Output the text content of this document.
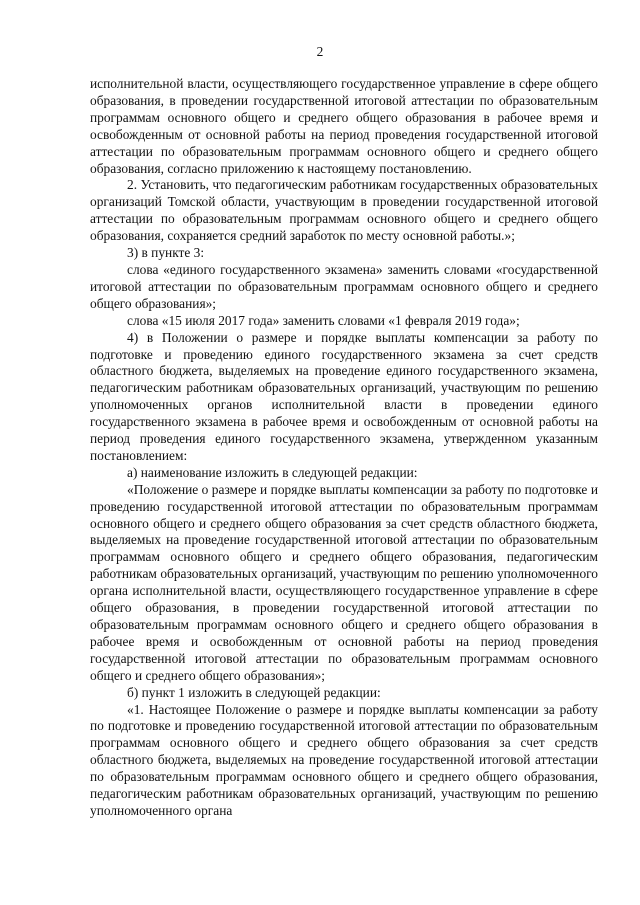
2

исполнительной власти, осуществляющего государственное управление в сфере общего образования, в проведении государственной итоговой аттестации по образовательным программам основного общего и среднего общего образования в рабочее время и освобожденным от основной работы на период проведения государственной итоговой аттестации по образовательным программам основного общего и среднего общего образования, согласно приложению к настоящему постановлению.

2. Установить, что педагогическим работникам государственных образовательных организаций Томской области, участвующим в проведении государственной итоговой аттестации по образовательным программам основного общего и среднего общего образования, сохраняется средний заработок по месту основной работы.»;

3) в пункте 3:

слова «единого государственного экзамена» заменить словами «государственной итоговой аттестации по образовательным программам основного общего и среднего общего образования»;

слова «15 июля 2017 года» заменить словами «1 февраля 2019 года»;

4) в Положении о размере и порядке выплаты компенсации за работу по подготовке и проведению единого государственного экзамена за счет средств областного бюджета, выделяемых на проведение единого государственного экзамена, педагогическим работникам образовательных организаций, участвующим по решению уполномоченных органов исполнительной власти в проведении единого государственного экзамена в рабочее время и освобожденным от основной работы на период проведения единого государственного экзамена, утвержденном указанным постановлением:

а) наименование изложить в следующей редакции:

«Положение о размере и порядке выплаты компенсации за работу по подготовке и проведению государственной итоговой аттестации по образовательным программам основного общего и среднего общего образования за счет средств областного бюджета, выделяемых на проведение государственной итоговой аттестации по образовательным программам основного общего и среднего общего образования, педагогическим работникам образовательных организаций, участвующим по решению уполномоченного органа исполнительной власти, осуществляющего государственное управление в сфере общего образования, в проведении государственной итоговой аттестации по образовательным программам основного общего и среднего общего образования в рабочее время и освобожденным от основной работы на период проведения государственной итоговой аттестации по образовательным программам основного общего и среднего общего образования»;

б) пункт 1 изложить в следующей редакции:

«1. Настоящее Положение о размере и порядке выплаты компенсации за работу по подготовке и проведению государственной итоговой аттестации по образовательным программам основного общего и среднего общего образования за счет средств областного бюджета, выделяемых на проведение государственной итоговой аттестации по образовательным программам основного общего и среднего общего образования, педагогическим работникам образовательных организаций, участвующим по решению уполномоченного органа
